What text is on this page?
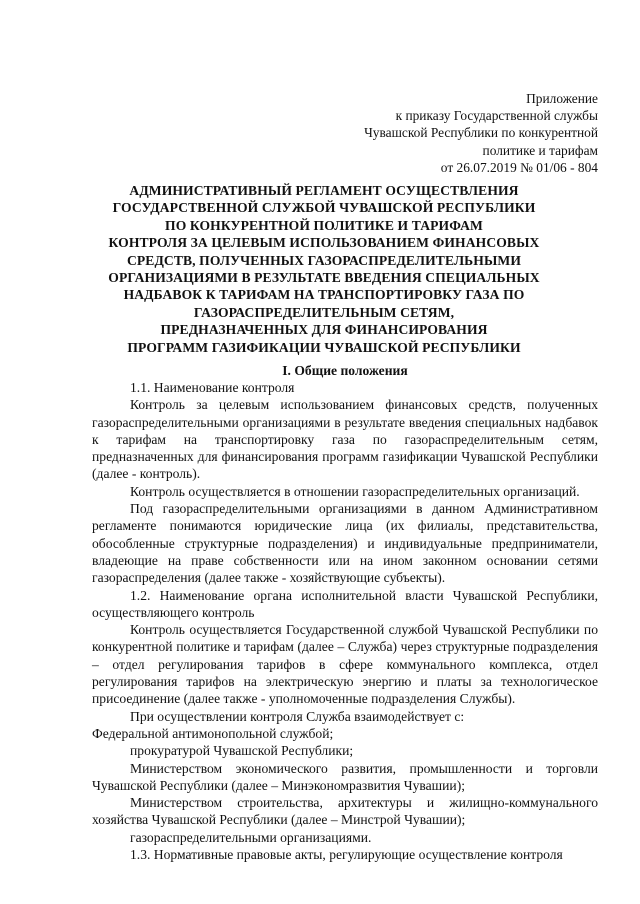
Приложение
к приказу Государственной службы
Чувашской Республики по конкурентной
политике и тарифам
от 26.07.2019 № 01/06 - 804
АДМИНИСТРАТИВНЫЙ РЕГЛАМЕНТ ОСУЩЕСТВЛЕНИЯ
ГОСУДАРСТВЕННОЙ СЛУЖБОЙ ЧУВАШСКОЙ РЕСПУБЛИКИ
ПО КОНКУРЕНТНОЙ ПОЛИТИКЕ И ТАРИФАМ
КОНТРОЛЯ ЗА ЦЕЛЕВЫМ ИСПОЛЬЗОВАНИЕМ ФИНАНСОВЫХ
СРЕДСТВ, ПОЛУЧЕННЫХ ГАЗОРАСПРЕДЕЛИТЕЛЬНЫМИ
ОРГАНИЗАЦИЯМИ В РЕЗУЛЬТАТЕ ВВЕДЕНИЯ СПЕЦИАЛЬНЫХ
НАДБАВОК К ТАРИФАМ НА ТРАНСПОРТИРОВКУ ГАЗА ПО
ГАЗОРАСПРЕДЕЛИТЕЛЬНЫМ СЕТЯМ,
ПРЕДНАЗНАЧЕННЫХ ДЛЯ ФИНАНСИРОВАНИЯ
ПРОГРАММ ГАЗИФИКАЦИИ ЧУВАШСКОЙ РЕСПУБЛИКИ
I. Общие положения

1.1. Наименование контроля

Контроль за целевым использованием финансовых средств, полученных газораспределительными организациями в результате введения специальных надбавок к тарифам на транспортировку газа по газораспределительным сетям, предназначенных для финансирования программ газификации Чувашской Республики (далее - контроль).

Контроль осуществляется в отношении газораспределительных организаций.

Под газораспределительными организациями в данном Административном регламенте понимаются юридические лица (их филиалы, представительства, обособленные структурные подразделения) и индивидуальные предприниматели, владеющие на праве собственности или на ином законном основании сетями газораспределения (далее также - хозяйствующие субъекты).

1.2. Наименование органа исполнительной власти Чувашской Республики, осуществляющего контроль

Контроль осуществляется Государственной службой Чувашской Республики по конкурентной политике и тарифам (далее – Служба) через структурные подразделения – отдел регулирования тарифов в сфере коммунального комплекса, отдел регулирования тарифов на электрическую энергию и платы за технологическое присоединение (далее также - уполномоченные подразделения Службы).

При осуществлении контроля Служба взаимодействует с:

Федеральной антимонопольной службой;

прокуратурой Чувашской Республики;

Министерством экономического развития, промышленности и торговли Чувашской Республики (далее – Минэкономразвития Чувашии);

Министерством строительства, архитектуры и жилищно-коммунального хозяйства Чувашской Республики (далее – Минстрой Чувашии);

газораспределительными организациями.

1.3. Нормативные правовые акты, регулирующие осуществление контроля
